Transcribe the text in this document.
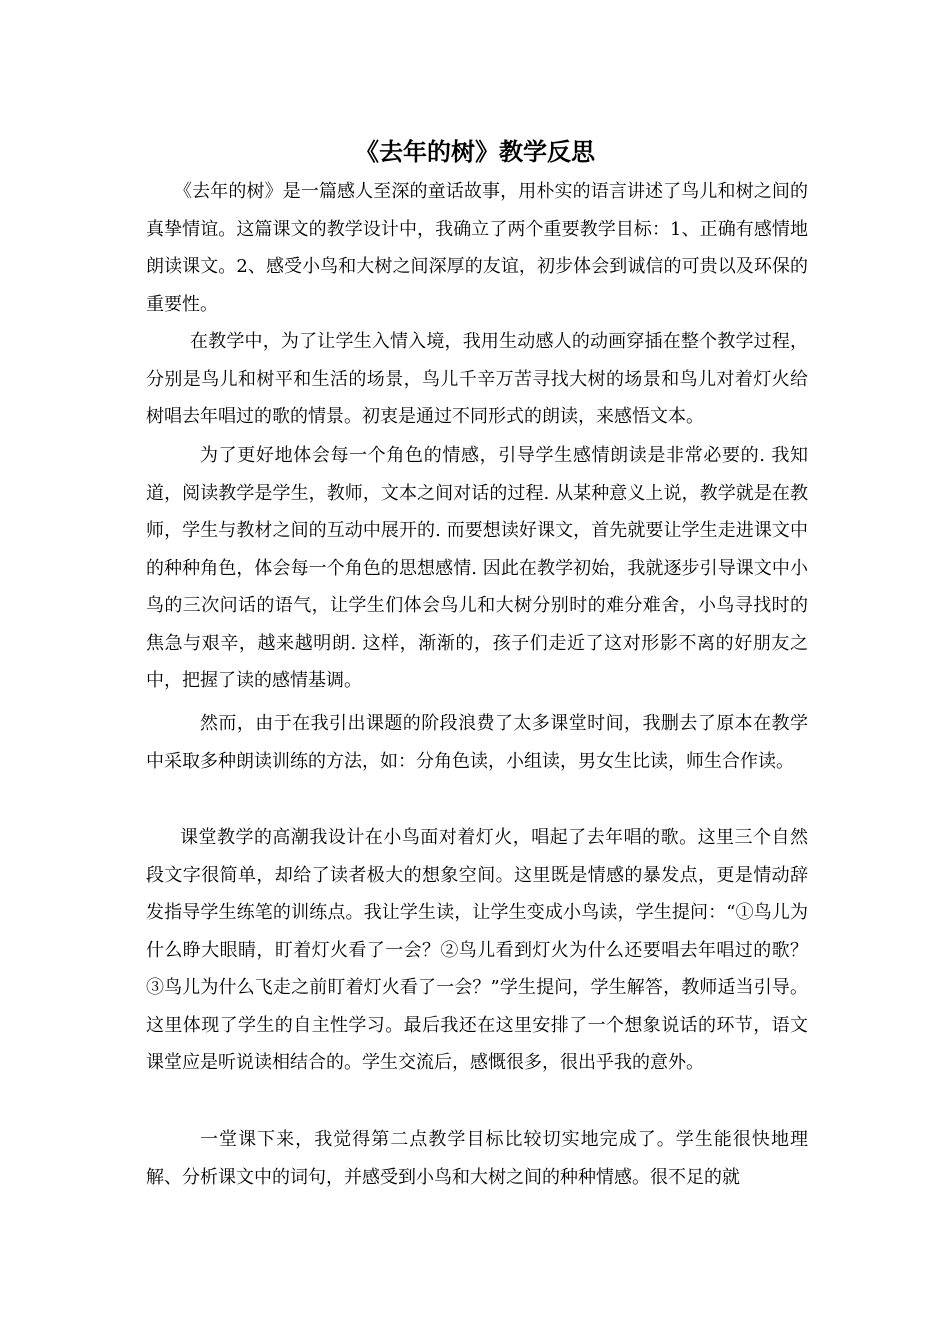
《去年的树》教学反思

《去年的树》是一篇感人至深的童话故事，用朴实的语言讲述了鸟儿和树之间的真挚情谊。这篇课文的教学设计中，我确立了两个重要教学目标：1、正确有感情地朗读课文。2、感受小鸟和大树之间深厚的友谊，初步体会到诚信的可贵以及环保的重要性。

在教学中，为了让学生入情入境，我用生动感人的动画穿插在整个教学过程，分别是鸟儿和树平和生活的场景，鸟儿千辛万苦寻找大树的场景和鸟儿对着灯火给树唱去年唱过的歌的情景。初衷是通过不同形式的朗读，来感悟文本。

为了更好地体会每一个角色的情感，引导学生感情朗读是非常必要的. 我知道，阅读教学是学生，教师，文本之间对话的过程. 从某种意义上说，教学就是在教师，学生与教材之间的互动中展开的. 而要想读好课文，首先就要让学生走进课文中的种种角色，体会每一个角色的思想感情. 因此在教学初始，我就逐步引导课文中小鸟的三次问话的语气，让学生们体会鸟儿和大树分别时的难分难舍，小鸟寻找时的焦急与艰辛，越来越明朗. 这样，渐渐的，孩子们走近了这对形影不离的好朋友之中，把握了读的感情基调。

然而，由于在我引出课题的阶段浪费了太多课堂时间，我删去了原本在教学中采取多种朗读训练的方法，如：分角色读，小组读，男女生比读，师生合作读。

课堂教学的高潮我设计在小鸟面对着灯火，唱起了去年唱的歌。这里三个自然段文字很简单，却给了读者极大的想象空间。这里既是情感的暴发点，更是情动辞发指导学生练笔的训练点。我让学生读，让学生变成小鸟读，学生提问：“①鸟儿为什么睁大眼睛，盯着灯火看了一会？②鸟儿看到灯火为什么还要唱去年唱过的歌？③鸟儿为什么飞走之前盯着灯火看了一会？”学生提问，学生解答，教师适当引导。这里体现了学生的自主性学习。最后我还在这里安排了一个想象说话的环节，语文课堂应是听说读相结合的。学生交流后，感慨很多，很出乎我的意外。

一堂课下来，我觉得第二点教学目标比较切实地完成了。学生能很快地理解、分析课文中的词句，并感受到小鸟和大树之间的种种情感。很不足的就
